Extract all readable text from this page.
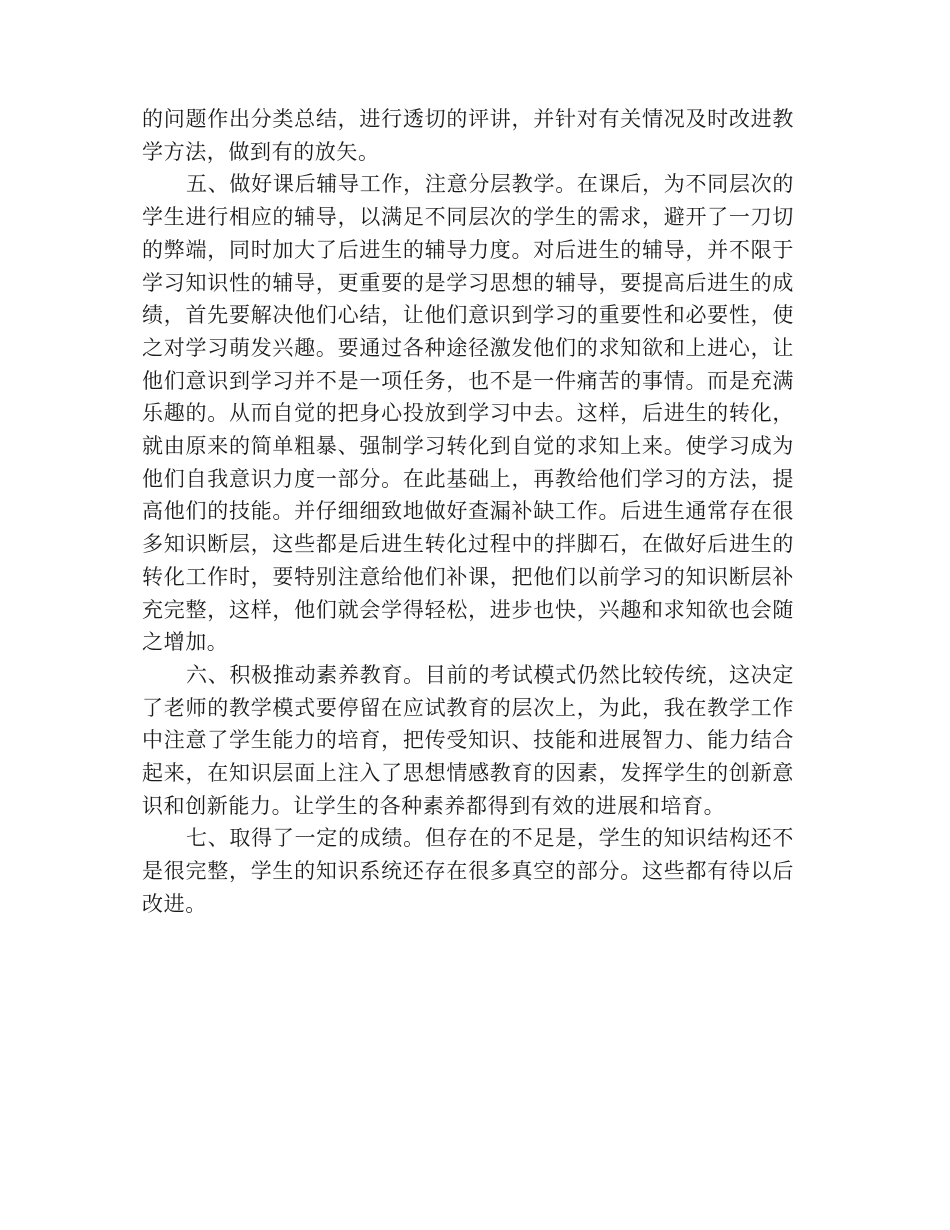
的问题作出分类总结，进行透切的评讲，并针对有关情况及时改进教学方法，做到有的放矢。

五、做好课后辅导工作，注意分层教学。在课后，为不同层次的学生进行相应的辅导，以满足不同层次的学生的需求，避开了一刀切的弊端，同时加大了后进生的辅导力度。对后进生的辅导，并不限于学习知识性的辅导，更重要的是学习思想的辅导，要提高后进生的成绩，首先要解决他们心结，让他们意识到学习的重要性和必要性，使之对学习萌发兴趣。要通过各种途径激发他们的求知欲和上进心，让他们意识到学习并不是一项任务，也不是一件痛苦的事情。而是充满乐趣的。从而自觉的把身心投放到学习中去。这样，后进生的转化，就由原来的简单粗暴、强制学习转化到自觉的求知上来。使学习成为他们自我意识力度一部分。在此基础上，再教给他们学习的方法，提高他们的技能。并仔细细致地做好查漏补缺工作。后进生通常存在很多知识断层，这些都是后进生转化过程中的拌脚石，在做好后进生的转化工作时，要特别注意给他们补课，把他们以前学习的知识断层补充完整，这样，他们就会学得轻松，进步也快，兴趣和求知欲也会随之增加。

六、积极推动素养教育。目前的考试模式仍然比较传统，这决定了老师的教学模式要停留在应试教育的层次上，为此，我在教学工作中注意了学生能力的培育，把传受知识、技能和进展智力、能力结合起来，在知识层面上注入了思想情感教育的因素，发挥学生的创新意识和创新能力。让学生的各种素养都得到有效的进展和培育。

七、取得了一定的成绩。但存在的不足是，学生的知识结构还不是很完整，学生的知识系统还存在很多真空的部分。这些都有待以后改进。
